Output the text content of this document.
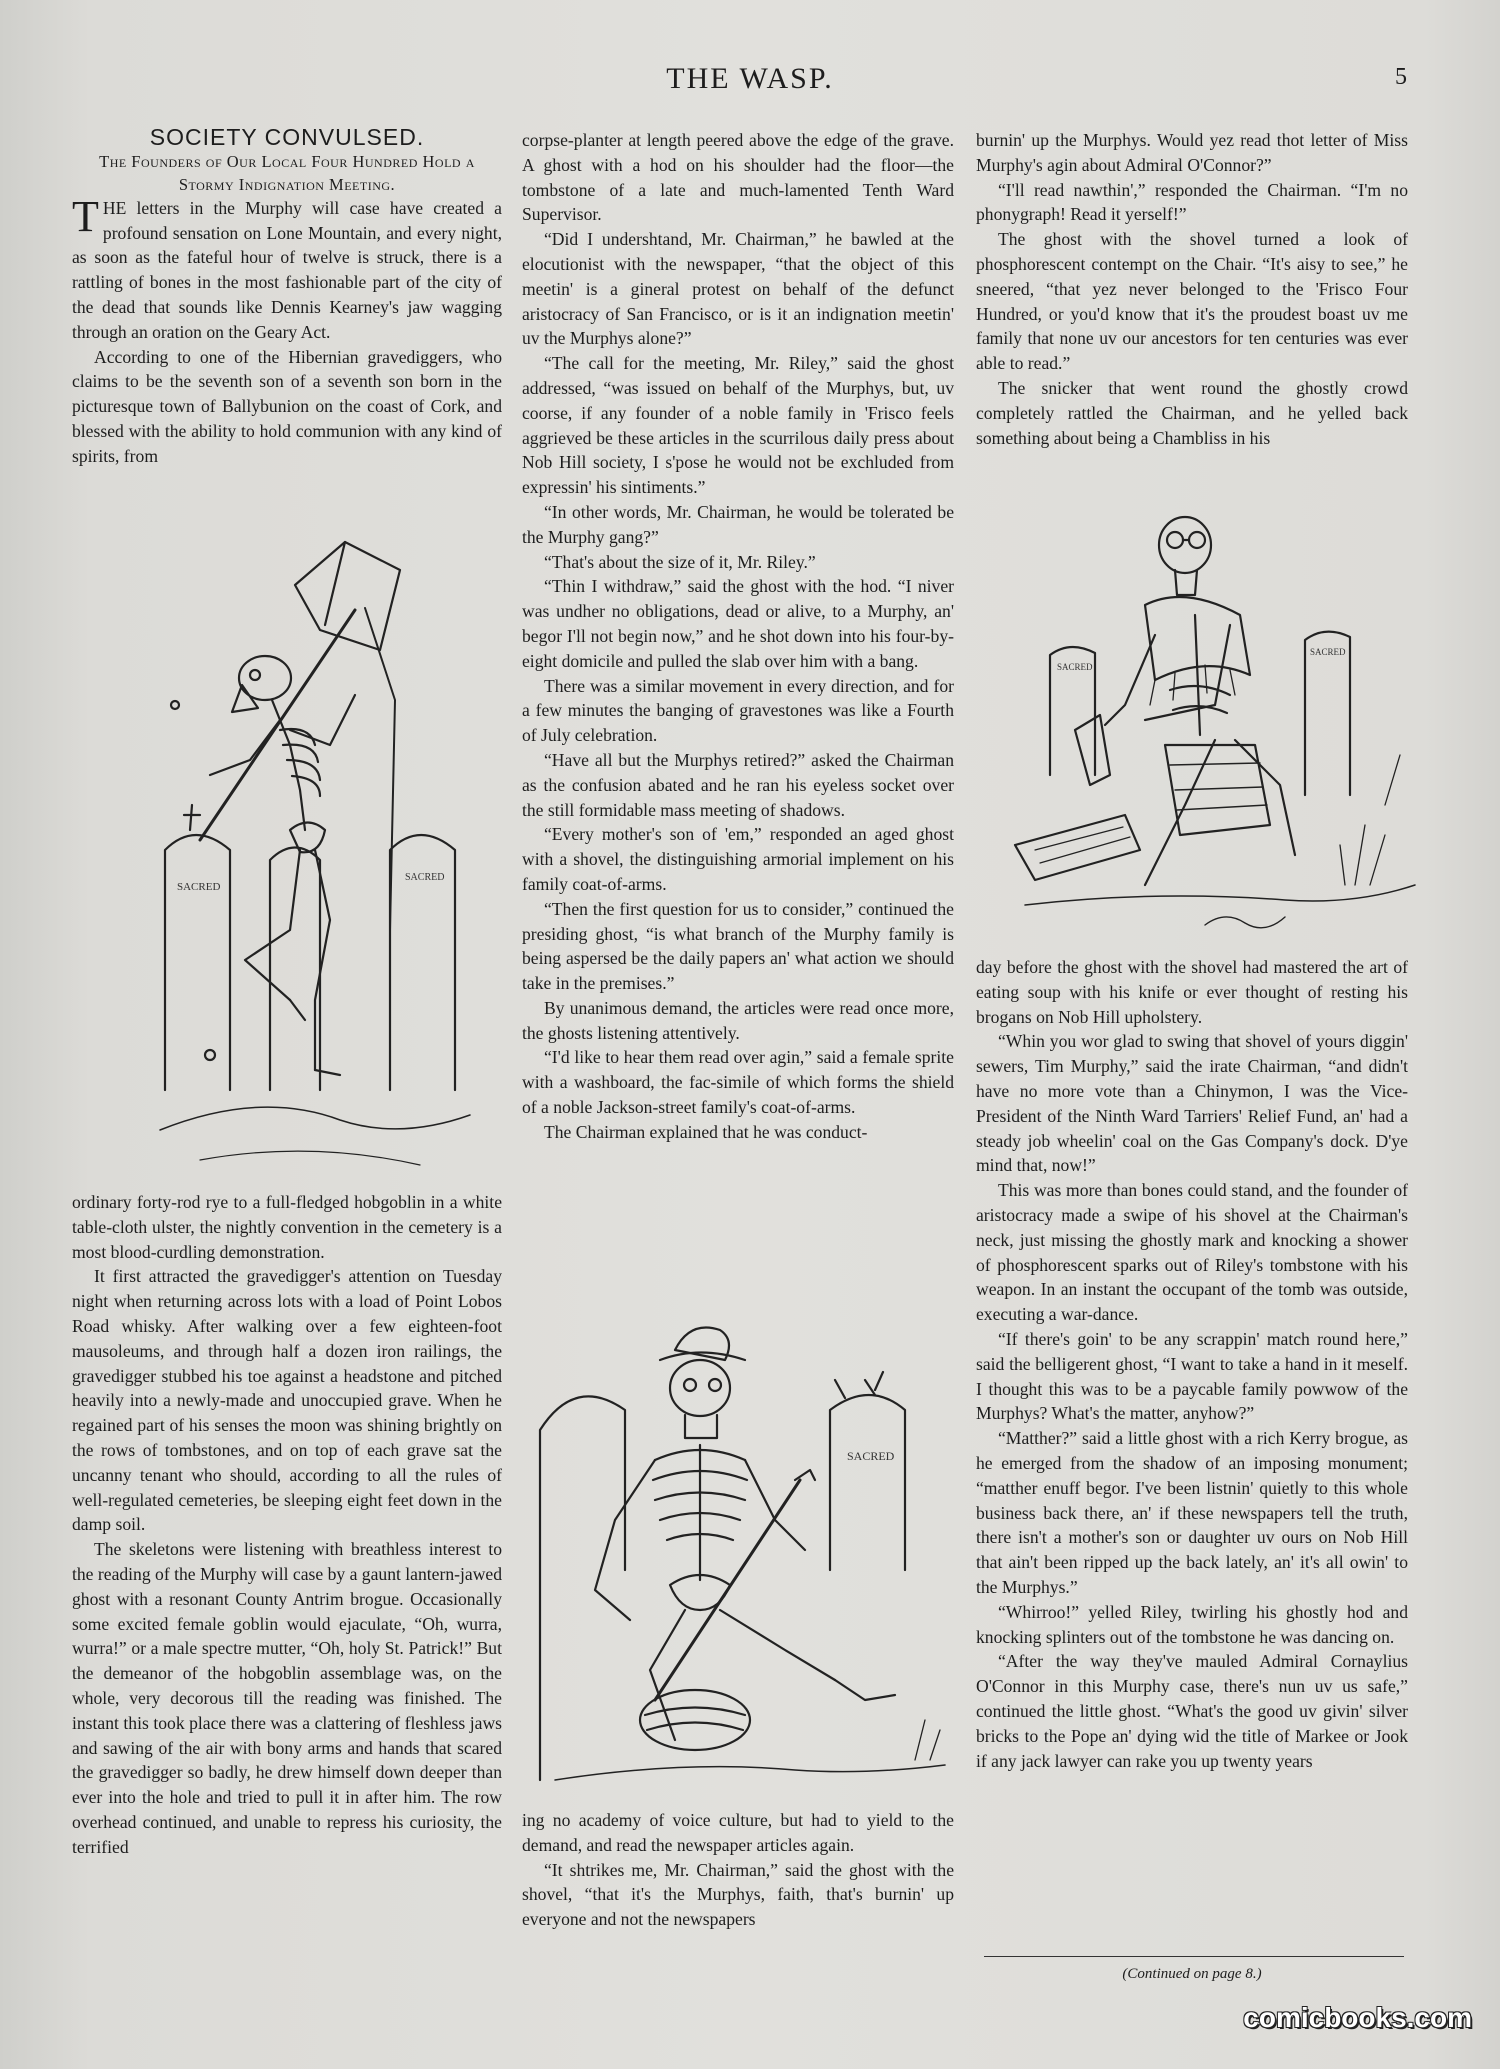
THE WASP.	5

SOCIETY CONVULSED.

The Founders of Our Local Four Hundred Hold a Stormy Indignation Meeting.

THE letters in the Murphy will case have created a profound sensation on Lone Mountain, and every night, as soon as the fateful hour of twelve is struck, there is a rattling of bones in the most fashionable part of the city of the dead that sounds like Dennis Kearney's jaw wagging through an oration on the Geary Act.

According to one of the Hibernian gravediggers, who claims to be the seventh son of a seventh son born in the picturesque town of Ballybunion on the coast of Cork, and blessed with the ability to hold communion with any kind of spirits, from

SACRED
SACRED

ordinary forty-rod rye to a full-fledged hobgoblin in a white table-cloth ulster, the nightly convention in the cemetery is a most blood-curdling demonstration.

It first attracted the gravedigger's attention on Tuesday night when returning across lots with a load of Point Lobos Road whisky. After walking over a few eighteen-foot mausoleums, and through half a dozen iron railings, the gravedigger stubbed his toe against a headstone and pitched heavily into a newly-made and unoccupied grave. When he regained part of his senses the moon was shining brightly on the rows of tombstones, and on top of each grave sat the uncanny tenant who should, according to all the rules of well-regulated cemeteries, be sleeping eight feet down in the damp soil.

The skeletons were listening with breathless interest to the reading of the Murphy will case by a gaunt lantern-jawed ghost with a resonant County Antrim brogue. Occasionally some excited female goblin would ejaculate, “Oh, wurra, wurra!” or a male spectre mutter, “Oh, holy St. Patrick!” But the demeanor of the hobgoblin assemblage was, on the whole, very decorous till the reading was finished. The instant this took place there was a clattering of fleshless jaws and sawing of the air with bony arms and hands that scared the gravedigger so badly, he drew himself down deeper than ever into the hole and tried to pull it in after him. The row overhead continued, and unable to repress his curiosity, the terrified

corpse-planter at length peered above the edge of the grave. A ghost with a hod on his shoulder had the floor—the tombstone of a late and much-lamented Tenth Ward Supervisor.

“Did I undershtand, Mr. Chairman,” he bawled at the elocutionist with the newspaper, “that the object of this meetin' is a gineral protest on behalf of the defunct aristocracy of San Francisco, or is it an indignation meetin' uv the Murphys alone?”

“The call for the meeting, Mr. Riley,” said the ghost addressed, “was issued on behalf of the Murphys, but, uv coorse, if any founder of a noble family in 'Frisco feels aggrieved be these articles in the scurrilous daily press about Nob Hill society, I s'pose he would not be exchluded from expressin' his sintiments.”

“In other words, Mr. Chairman, he would be tolerated be the Murphy gang?”

“That's about the size of it, Mr. Riley.”

“Thin I withdraw,” said the ghost with the hod. “I niver was undher no obligations, dead or alive, to a Murphy, an' begor I'll not begin now,” and he shot down into his four-by-eight domicile and pulled the slab over him with a bang.

There was a similar movement in every direction, and for a few minutes the banging of gravestones was like a Fourth of July celebration.

“Have all but the Murphys retired?” asked the Chairman as the confusion abated and he ran his eyeless socket over the still formidable mass meeting of shadows.

“Every mother's son of 'em,” responded an aged ghost with a shovel, the distinguishing armorial implement on his family coat-of-arms.

“Then the first question for us to consider,” continued the presiding ghost, “is what branch of the Murphy family is being aspersed be the daily papers an' what action we should take in the premises.”

By unanimous demand, the articles were read once more, the ghosts listening attentively.

“I'd like to hear them read over agin,” said a female sprite with a washboard, the fac-simile of which forms the shield of a noble Jackson-street family's coat-of-arms.

The Chairman explained that he was conduct-

SACRED

ing no academy of voice culture, but had to yield to the demand, and read the newspaper articles again.

“It shtrikes me, Mr. Chairman,” said the ghost with the shovel, “that it's the Murphys, faith, that's burnin' up everyone and not the newspapers

burnin' up the Murphys. Would yez read thot letter of Miss Murphy's agin about Admiral O'Connor?”

“I'll read nawthin',” responded the Chairman. “I'm no phonygraph! Read it yerself!”

The ghost with the shovel turned a look of phosphorescent contempt on the Chair. “It's aisy to see,” he sneered, “that yez never belonged to the 'Frisco Four Hundred, or you'd know that it's the proudest boast uv me family that none uv our ancestors for ten centuries was ever able to read.”

The snicker that went round the ghostly crowd completely rattled the Chairman, and he yelled back something about being a Chambliss in his

SACRED
SACRED

day before the ghost with the shovel had mastered the art of eating soup with his knife or ever thought of resting his brogans on Nob Hill upholstery.

“Whin you wor glad to swing that shovel of yours diggin' sewers, Tim Murphy,” said the irate Chairman, “and didn't have no more vote than a Chinymon, I was the Vice-President of the Ninth Ward Tarriers' Relief Fund, an' had a steady job wheelin' coal on the Gas Company's dock. D'ye mind that, now!”

This was more than bones could stand, and the founder of aristocracy made a swipe of his shovel at the Chairman's neck, just missing the ghostly mark and knocking a shower of phosphorescent sparks out of Riley's tombstone with his weapon. In an instant the occupant of the tomb was outside, executing a war-dance.

“If there's goin' to be any scrappin' match round here,” said the belligerent ghost, “I want to take a hand in it meself. I thought this was to be a paycable family powwow of the Murphys? What's the matter, anyhow?”

“Matther?” said a little ghost with a rich Kerry brogue, as he emerged from the shadow of an imposing monument; “matther enuff begor. I've been listnin' quietly to this whole business back there, an' if these newspapers tell the truth, there isn't a mother's son or daughter uv ours on Nob Hill that ain't been ripped up the back lately, an' it's all owin' to the Murphys.”

“Whirroo!” yelled Riley, twirling his ghostly hod and knocking splinters out of the tombstone he was dancing on.

“After the way they've mauled Admiral Cornaylius O'Connor in this Murphy case, there's nun uv us safe,” continued the little ghost. “What's the good uv givin' silver bricks to the Pope an' dying wid the title of Markee or Jook if any jack lawyer can rake you up twenty years

(Continued on page 8.)
comicbooks.com
